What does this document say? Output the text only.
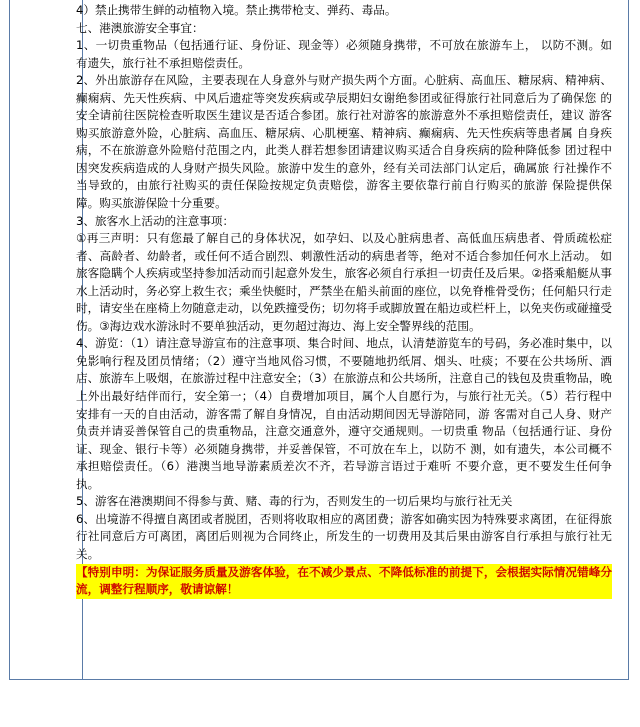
4）禁止携带生鲜的动植物入境。禁止携带枪支、弹药、毒品。

七、港澳旅游安全事宜：

1、一切贵重物品（包括通行证、身份证、现金等）必须随身携带，不可放在旅游车上， 以防不测。如 有遗失，旅行社不承担赔偿责任。

2、外出旅游存在风险，主要表现在人身意外与财产损失两个方面。心脏病、高血压、糖尿病、精神病、 癫痫病、先天性疾病、中风后遗症等突发疾病或孕辰期妇女谢绝参团或征得旅行社同意后为了确保您 的安全请前往医院检查听取医生建议是否适合参团。旅行社对游客的旅游意外不承担赔偿责任，建议 游客购买旅游意外险，心脏病、高血压、糖尿病、心肌梗塞、精神病、癫痫病、先天性疾病等患者属 自身疾病，不在旅游意外险赔付范围之内，此类人群若想参团请建议购买适合自身疾病的险种降低参 团过程中因突发疾病造成的人身财产损失风险。旅游中发生的意外，经有关司法部门认定后，确属旅 行社操作不当导致的，由旅行社购买的责任保险按规定负责赔偿，游客主要依靠行前自行购买的旅游 保险提供保障。购买旅游保险十分重要。

3、旅客水上活动的注意事项：

①再三声明：只有您最了解自己的身体状况，如孕妇、以及心脏病患者、高低血压病患者、骨质疏松症者、高龄者、幼龄者，或任何不适合剧烈、刺激性活动的病患者等，绝对不适合参加任何水上活动。 如旅客隐瞒个人疾病或坚持参加活动而引起意外发生，旅客必须自行承担一切责任及后果。②搭乘船艇从事水上活动时，务必穿上救生衣；乘坐快艇时，严禁坐在船头前面的座位，以免脊椎骨受伤；任何船只行走时，请安坐在座椅上勿随意走动，以免跌撞受伤；切勿将手或脚放置在船边或栏杆上，以免夹伤或碰撞受伤。③海边戏水游泳时不要单独活动，更勿超过海边、海上安全警界线的范围。

4、游览：（1）请注意导游宣布的注意事项、集合时间、地点，认清楚游览车的号码，务必准时集中，以免影响行程及团员情绪；（2）遵守当地风俗习惯，不要随地扔纸屑、烟头、吐痰；不要在公共场所、酒店、旅游车上吸烟，在旅游过程中注意安全；（3）在旅游点和公共场所，注意自己的钱包及贵重物品，晚上外出最好结伴而行，安全第一；（4）自费增加项目，属个人自愿行为，与旅行社无关。（5）若行程中安排有一天的自由活动，游客需了解自身情况，自由活动期间因无导游陪同，游 客需对自己人身、财产负责并请妥善保管自己的贵重物品，注意交通意外，遵守交通规则。一切贵重 物品（包括通行证、身份证、现金、银行卡等）必须随身携带，并妥善保管，不可放在车上，以防不 测，如有遗失，本公司概不承担赔偿责任。（6）港澳当地导游素质差次不齐，若导游言语过于难听 不要介意，更不要发生任何争执。

5、游客在港澳期间不得参与黄、赌、毒的行为，否则发生的一切后果均与旅行社无关

6、出境游不得擅自离团或者脱团，否则将收取相应的离团费；游客如确实因为特殊要求离团，在征得旅行社同意后方可离团，离团后则视为合同终止，所发生的一切费用及其后果由游客自行承担与旅行社无关。

【特别申明：为保证服务质量及游客体验，在不减少景点、不降低标准的前提下，会根据实际情况错峰分流，调整行程顺序，敬请谅解！
